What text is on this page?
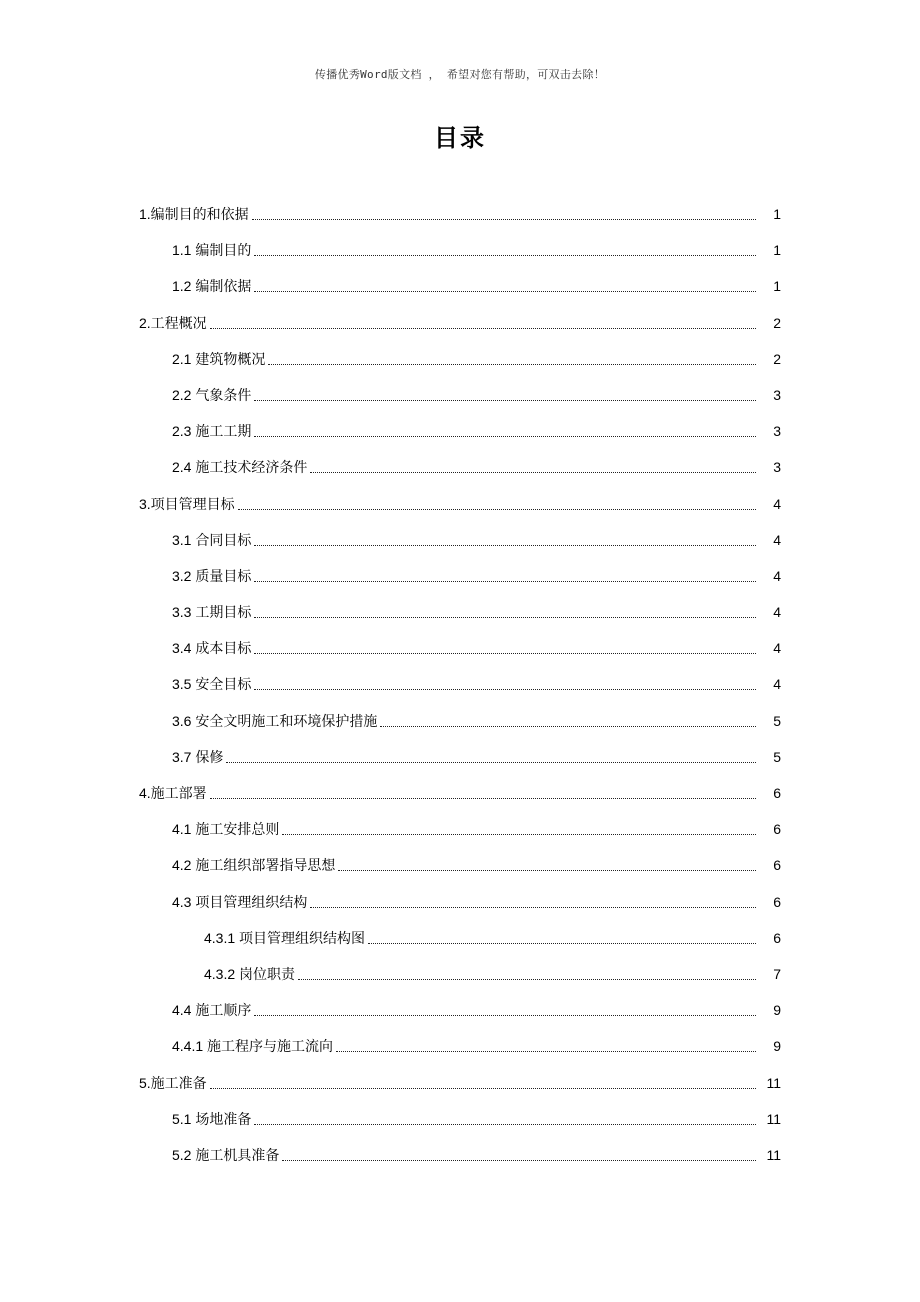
传播优秀Word版文档 ， 希望对您有帮助，可双击去除！
目录
1.编制目的和依据	1
1.1 编制目的	1
1.2 编制依据	1
2.工程概况	2
2.1 建筑物概况	2
2.2 气象条件	3
2.3 施工工期	3
2.4 施工技术经济条件	3
3.项目管理目标	4
3.1 合同目标	4
3.2 质量目标	4
3.3 工期目标	4
3.4 成本目标	4
3.5 安全目标	4
3.6 安全文明施工和环境保护措施	5
3.7 保修	5
4.施工部署	6
4.1 施工安排总则	6
4.2 施工组织部署指导思想	6
4.3 项目管理组织结构	6
4.3.1 项目管理组织结构图	6
4.3.2 岗位职责	7
4.4 施工顺序	9
4.4.1 施工程序与施工流向	9
5.施工准备	11
5.1 场地准备	11
5.2 施工机具准备	11
